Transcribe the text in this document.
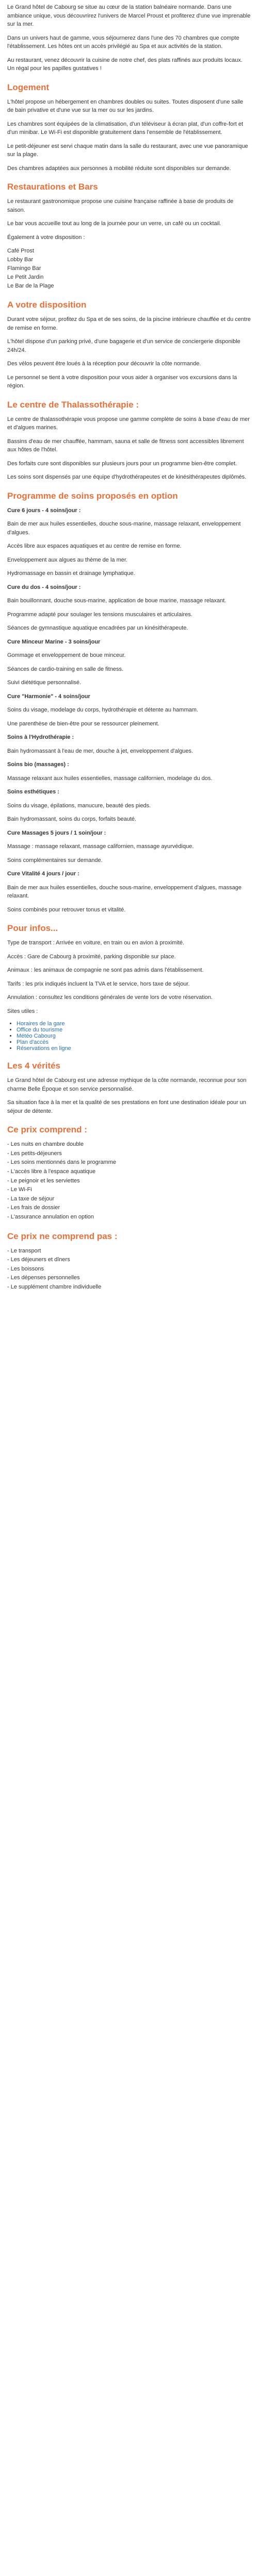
Le Grand hôtel de Cabourg se situe au cœur de la station balnéaire normande. Dans une ambiance unique, vous découvrirez l'univers de Marcel Proust et profiterez d'une vue imprenable sur la mer.

Dans un univers haut de gamme, vous séjournerez dans l'une des 70 chambres que compte l'établissement. Les hôtes ont un accès privilégié au Spa et aux activités de la station.

Au restaurant, venez découvrir la cuisine de notre chef, des plats raffinés aux produits locaux. Un régal pour les papilles gustatives !

Logement

L'hôtel propose un hébergement en chambres doubles ou suites. Toutes disposent d'une salle de bain privative et d'une vue sur la mer ou sur les jardins.

Les chambres sont équipées de la climatisation, d'un téléviseur à écran plat, d'un coffre-fort et d'un minibar. Le Wi-Fi est disponible gratuitement dans l'ensemble de l'établissement.

Le petit-déjeuner est servi chaque matin dans la salle du restaurant, avec une vue panoramique sur la plage.

Des chambres adaptées aux personnes à mobilité réduite sont disponibles sur demande.

Restaurations et Bars

Le restaurant gastronomique propose une cuisine française raffinée à base de produits de saison.

Le bar vous accueille tout au long de la journée pour un verre, un café ou un cocktail.

Également à votre disposition :

Café Prost

Lobby Bar

Flamingo Bar

Le Petit Jardin

Le Bar de la Plage

A votre disposition

Durant votre séjour, profitez du Spa et de ses soins, de la piscine intérieure chauffée et du centre de remise en forme.

L'hôtel dispose d'un parking privé, d'une bagagerie et d'un service de conciergerie disponible 24h/24.

Des vélos peuvent être loués à la réception pour découvrir la côte normande.

Le personnel se tient à votre disposition pour vous aider à organiser vos excursions dans la région.

Le centre de Thalassothérapie :

Le centre de thalassothérapie vous propose une gamme complète de soins à base d'eau de mer et d'algues marines.

Bassins d'eau de mer chauffée, hammam, sauna et salle de fitness sont accessibles librement aux hôtes de l'hôtel.

Des forfaits cure sont disponibles sur plusieurs jours pour un programme bien-être complet.

Les soins sont dispensés par une équipe d'hydrothérapeutes et de kinésithérapeutes diplômés.

Programme de soins proposés en option

Cure 6 jours - 4 soins/jour :

Bain de mer aux huiles essentielles, douche sous-marine, massage relaxant, enveloppement d'algues.

Accès libre aux espaces aquatiques et au centre de remise en forme.

Enveloppement aux algues au thème de la mer.

Hydromassage en bassin et drainage lymphatique.

Cure du dos - 4 soins/jour :

Bain bouillonnant, douche sous-marine, application de boue marine, massage relaxant.

Programme adapté pour soulager les tensions musculaires et articulaires.

Séances de gymnastique aquatique encadrées par un kinésithérapeute.

Cure Minceur Marine - 3 soins/jour

Gommage et enveloppement de boue minceur.

Séances de cardio-training en salle de fitness.

Suivi diététique personnalisé.

Cure "Harmonie" - 4 soins/jour

Soins du visage, modelage du corps, hydrothérapie et détente au hammam.

Une parenthèse de bien-être pour se ressourcer pleinement.

Soins à l'Hydrothérapie :

Bain hydromassant à l'eau de mer, douche à jet, enveloppement d'algues.

Soins bio (massages) :

Massage relaxant aux huiles essentielles, massage californien, modelage du dos.

Soins esthétiques :

Soins du visage, épilations, manucure, beauté des pieds.

Bain hydromassant, soins du corps, forfaits beauté.

Cure Massages 5 jours / 1 soin/jour :

Massage : massage relaxant, massage californien, massage ayurvédique.

Soins complémentaires sur demande.

Cure Vitalité 4 jours / jour :

Bain de mer aux huiles essentielles, douche sous-marine, enveloppement d'algues, massage relaxant.

Soins combinés pour retrouver tonus et vitalité.

Pour infos...

Type de transport : Arrivée en voiture, en train ou en avion à proximité.

Accès : Gare de Cabourg à proximité, parking disponible sur place.

Animaux : les animaux de compagnie ne sont pas admis dans l'établissement.

Tarifs : les prix indiqués incluent la TVA et le service, hors taxe de séjour.

Annulation : consultez les conditions générales de vente lors de votre réservation.

Sites utiles :

• Horaires de la gare
• Office du tourisme
• Météo Cabourg
• Plan d'accès
• Réservations en ligne
Les 4 vérités

Le Grand hôtel de Cabourg est une adresse mythique de la côte normande, reconnue pour son charme Belle Époque et son service personnalisé.

Sa situation face à la mer et la qualité de ses prestations en font une destination idéale pour un séjour de détente.

Ce prix comprend :
- Les nuits en chambre double
- Les petits-déjeuners
- Les soins mentionnés dans le programme
- L'accès libre à l'espace aquatique
- Le peignoir et les serviettes
- Le Wi-Fi
- La taxe de séjour
- Les frais de dossier
- L'assurance annulation en option
Ce prix ne comprend pas :
- Le transport
- Les déjeuners et dîners
- Les boissons
- Les dépenses personnelles
- Le supplément chambre individuelle
